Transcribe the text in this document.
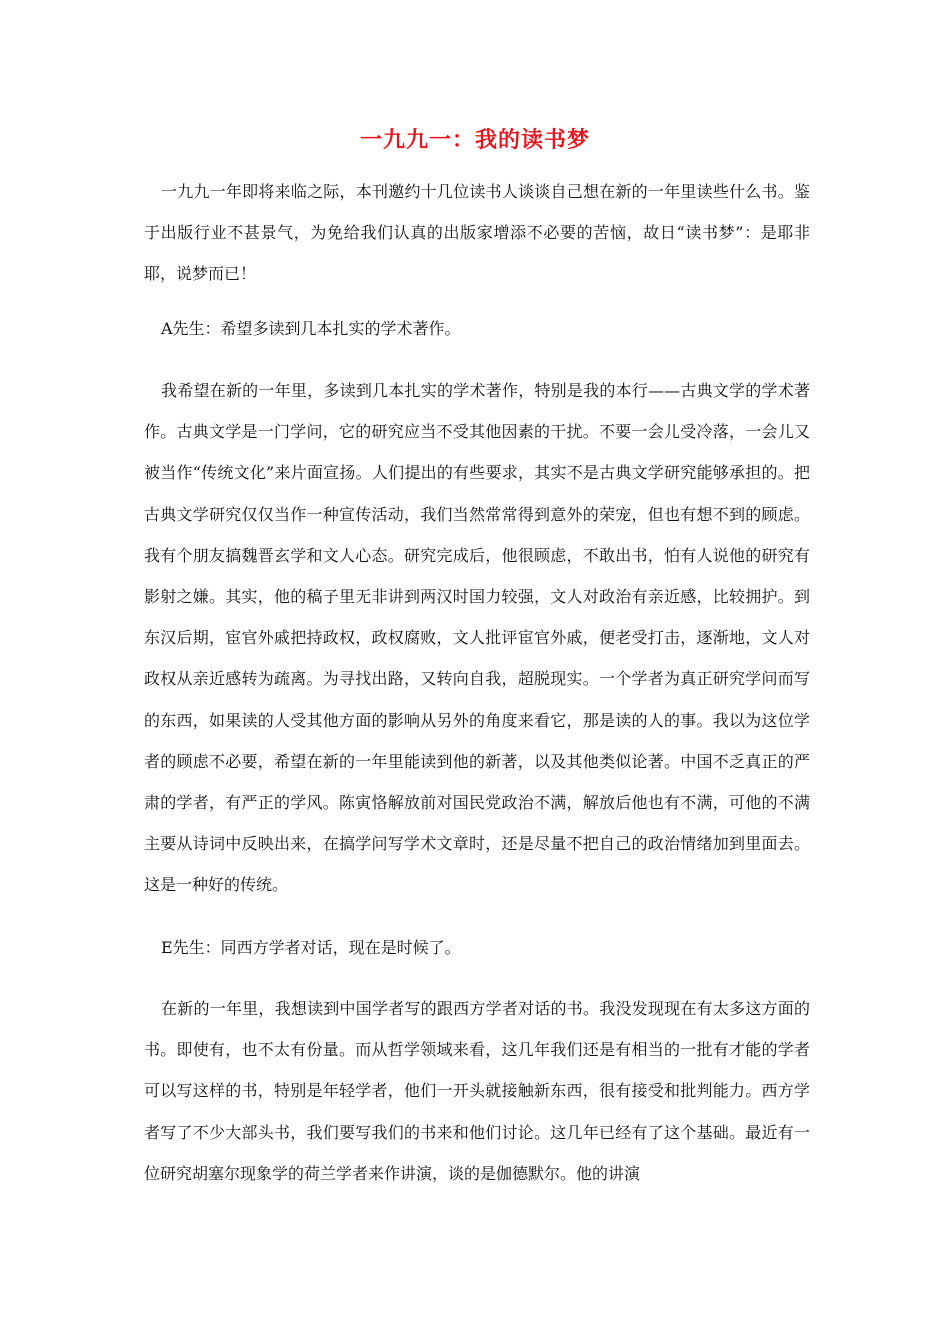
一九九一：我的读书梦

一九九一年即将来临之际，本刊邀约十几位读书人谈谈自己想在新的一年里读些什么书。鉴于出版行业不甚景气，为免给我们认真的出版家增添不必要的苦恼，故日“读书梦”：是耶非耶，说梦而已！

A先生：希望多读到几本扎实的学术著作。

我希望在新的一年里，多读到几本扎实的学术著作，特别是我的本行——古典文学的学术著作。古典文学是一门学问，它的研究应当不受其他因素的干扰。不要一会儿受冷落，一会儿又被当作“传统文化”来片面宣扬。人们提出的有些要求，其实不是古典文学研究能够承担的。把古典文学研究仅仅当作一种宣传活动，我们当然常常得到意外的荣宠，但也有想不到的顾虑。我有个朋友搞魏晋玄学和文人心态。研究完成后，他很顾虑，不敢出书，怕有人说他的研究有影射之嫌。其实，他的稿子里无非讲到两汉时国力较强，文人对政治有亲近感，比较拥护。到东汉后期，宦官外戚把持政权，政权腐败，文人批评宦官外戚，便老受打击，逐渐地，文人对政权从亲近感转为疏离。为寻找出路，又转向自我，超脱现实。一个学者为真正研究学问而写的东西，如果读的人受其他方面的影响从另外的角度来看它，那是读的人的事。我以为这位学者的顾虑不必要，希望在新的一年里能读到他的新著，以及其他类似论著。中国不乏真正的严肃的学者，有严正的学风。陈寅恪解放前对国民党政治不满，解放后他也有不满，可他的不满主要从诗词中反映出来，在搞学问写学术文章时，还是尽量不把自己的政治情绪加到里面去。这是一种好的传统。

E先生：同西方学者对话，现在是时候了。

在新的一年里，我想读到中国学者写的跟西方学者对话的书。我没发现现在有太多这方面的书。即使有，也不太有份量。而从哲学领域来看，这几年我们还是有相当的一批有才能的学者可以写这样的书，特别是年轻学者，他们一开头就接触新东西，很有接受和批判能力。西方学者写了不少大部头书，我们要写我们的书来和他们讨论。这几年已经有了这个基础。最近有一位研究胡塞尔现象学的荷兰学者来作讲演，谈的是伽德默尔。他的讲演
